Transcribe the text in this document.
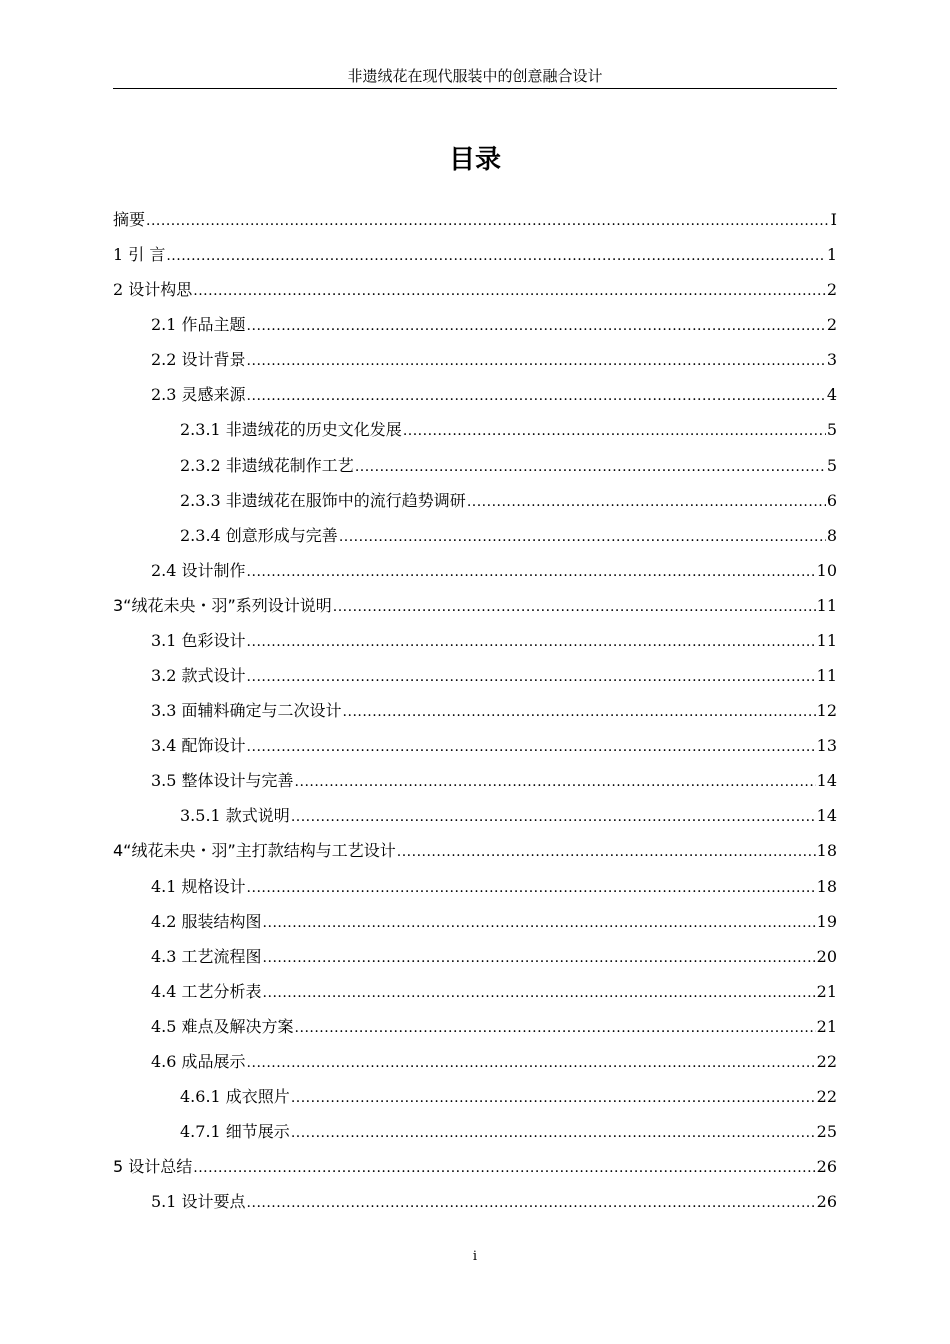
非遗绒花在现代服装中的创意融合设计
目录
摘要 .....	I
1 引 言 .....	1
2 设计构思 .....	2
2.1 作品主题 .....	2
2.2 设计背景 .....	3
2.3 灵感来源 .....	4
2.3.1 非遗绒花的历史文化发展 .....	5
2.3.2 非遗绒花制作工艺 .....	5
2.3.3 非遗绒花在服饰中的流行趋势调研 .....	6
2.3.4 创意形成与完善 .....	8
2.4 设计制作 .....	10
3“绒花未央・羽”系列设计说明 .....	11
3.1 色彩设计 .....	11
3.2 款式设计 .....	11
3.3 面辅料确定与二次设计 .....	12
3.4 配饰设计 .....	13
3.5 整体设计与完善 .....	14
3.5.1 款式说明 .....	14
4“绒花未央・羽”主打款结构与工艺设计 .....	18
4.1 规格设计 .....	18
4.2 服装结构图 .....	19
4.3 工艺流程图 .....	20
4.4 工艺分析表 .....	21
4.5 难点及解决方案 .....	21
4.6 成品展示 .....	22
4.6.1 成衣照片 .....	22
4.7.1 细节展示 .....	25
5 设计总结 .....	26
5.1 设计要点 .....	26
i
